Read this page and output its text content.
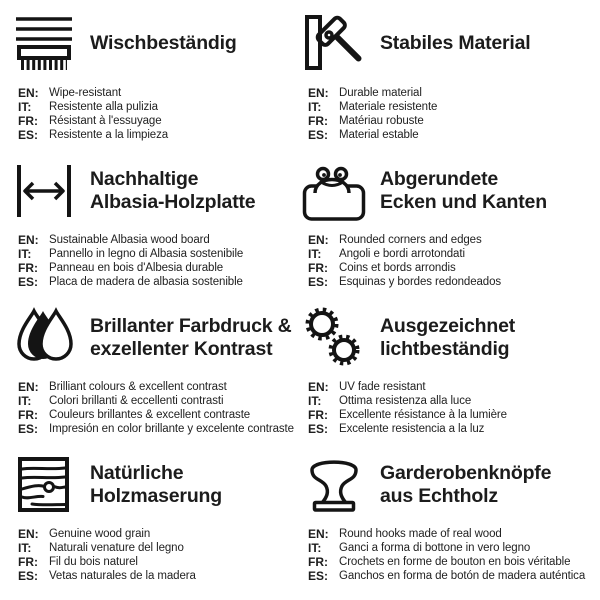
Wischbeständig
EN: Wipe-resistant
IT:	Resistente alla pulizia
FR: Résistant à l'essuyage
ES: Resistente a la limpieza
Stabiles Material
EN: Durable material
IT:	Materiale resistente
FR: Matériau robuste
ES: Material estable
Nachhaltige
Albasia-Holzplatte
EN: Sustainable Albasia wood board
IT:	Pannello in legno di Albasia sostenibile
FR: Panneau en bois d'Albesia durable
ES: Placa de madera de albasia sostenible
Abgerundete
Ecken und Kanten
EN: Rounded corners and edges
IT:	Angoli e bordi arrotondati
FR: Coins et bords arrondis
ES: Esquinas y bordes redondeados
Brillanter Farbdruck &
exzellenter Kontrast
EN: Brilliant colours & excellent contrast
IT:	Colori brillanti & eccellenti contrasti
FR: Couleurs brillantes & excellent contraste
ES: Impresión en color brillante y excelente contraste
Ausgezeichnet
lichtbeständig
EN: UV fade resistant
IT:	Ottima resistenza alla luce
FR: Excellente résistance à la lumière
ES: Excelente resistencia a la luz
Natürliche
Holzmaserung
EN: Genuine wood grain
IT:	Naturali venature del legno
FR: Fil du bois naturel
ES: Vetas naturales de la madera
Garderobenknöpfe
aus Echtholz
EN: Round hooks made of real wood
IT:	Ganci a forma di bottone in vero legno
FR: Crochets en forme de bouton en bois véritable
ES: Ganchos en forma de botón de madera auténtica
